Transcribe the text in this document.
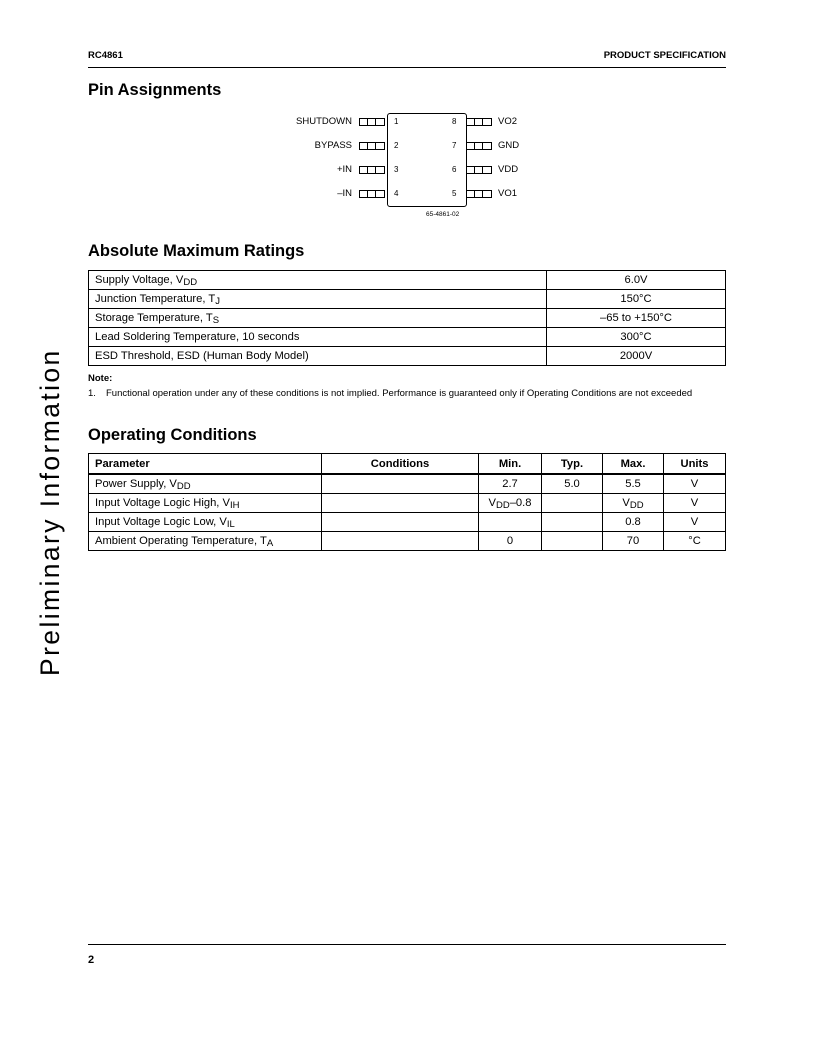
RC4861	PRODUCT SPECIFICATION
Preliminary Information
Pin Assignments
SHUTDOWN	1
BYPASS	2
+IN	3
–IN	4
8	VO2
7	GND
6	VDD
5	VO1
65-4861-02
Absolute Maximum Ratings
Supply Voltage, $V_{DD}$	6.0V
Junction Temperature, $T_J$	150°C
Storage Temperature, $T_S$	–65 to +150°C
Lead Soldering Temperature, 10 seconds	300°C
ESD Threshold, ESD (Human Body Model)	2000V
Note:
1. Functional operation under any of these conditions is not implied. Performance is guaranteed only if Operating Conditions are not exceeded
Operating Conditions
Parameter	Conditions	Min.	Typ.	Max.	Units
Power Supply, $V_{DD}$		2.7	5.0	5.5	V
Input Voltage Logic High, $V_{IH}$		$V_{DD}-0.8$		$V_{DD}$	V
Input Voltage Logic Low, $V_{IL}$				0.8	V
Ambient Operating Temperature, $T_A$		0		70	°C
2
